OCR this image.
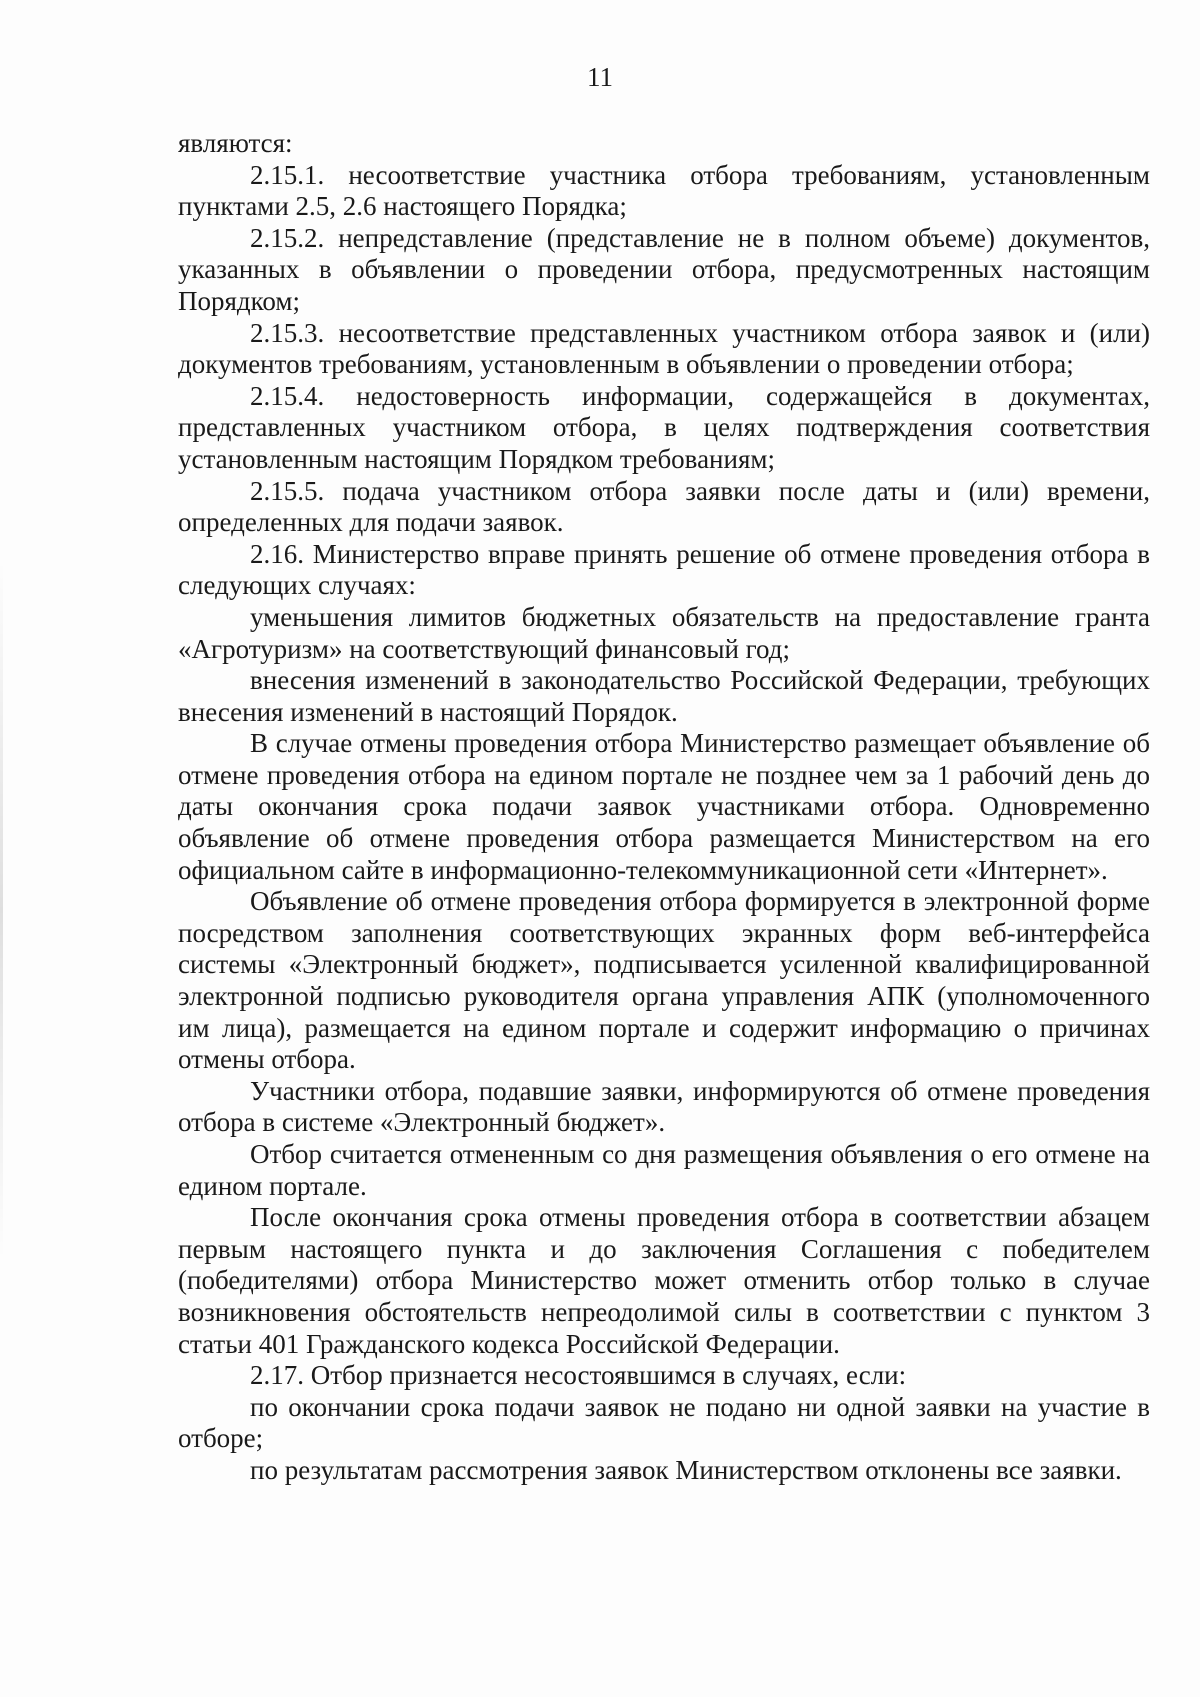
11

являются:

2.15.1. несоответствие участника отбора требованиям, установленным пунктами 2.5, 2.6 настоящего Порядка;

2.15.2. непредставление (представление не в полном объеме) документов, указанных в объявлении о проведении отбора, предусмотренных настоящим Порядком;

2.15.3. несоответствие представленных участником отбора заявок и (или) документов требованиям, установленным в объявлении о проведении отбора;

2.15.4. недостоверность информации, содержащейся в документах, представленных участником отбора, в целях подтверждения соответствия установленным настоящим Порядком требованиям;

2.15.5. подача участником отбора заявки после даты и (или) времени, определенных для подачи заявок.

2.16. Министерство вправе принять решение об отмене проведения отбора в следующих случаях:

уменьшения лимитов бюджетных обязательств на предоставление гранта «Агротуризм» на соответствующий финансовый год;

внесения изменений в законодательство Российской Федерации, требующих внесения изменений в настоящий Порядок.

В случае отмены проведения отбора Министерство размещает объявление об отмене проведения отбора на едином портале не позднее чем за 1 рабочий день до даты окончания срока подачи заявок участниками отбора. Одновременно объявление об отмене проведения отбора размещается Министерством на его официальном сайте в информационно-телекоммуникационной сети «Интернет».

Объявление об отмене проведения отбора формируется в электронной форме посредством заполнения соответствующих экранных форм веб-интерфейса системы «Электронный бюджет», подписывается усиленной квалифицированной электронной подписью руководителя органа управления АПК (уполномоченного им лица), размещается на едином портале и содержит информацию о причинах отмены отбора.

Участники отбора, подавшие заявки, информируются об отмене проведения отбора в системе «Электронный бюджет».

Отбор считается отмененным со дня размещения объявления о его отмене на едином портале.

После окончания срока отмены проведения отбора в соответствии абзацем первым настоящего пункта и до заключения Соглашения с победителем (победителями) отбора Министерство может отменить отбор только в случае возникновения обстоятельств непреодолимой силы в соответствии с пунктом 3 статьи 401 Гражданского кодекса Российской Федерации.

2.17. Отбор признается несостоявшимся в случаях, если:

по окончании срока подачи заявок не подано ни одной заявки на участие в отборе;

по результатам рассмотрения заявок Министерством отклонены все заявки.
